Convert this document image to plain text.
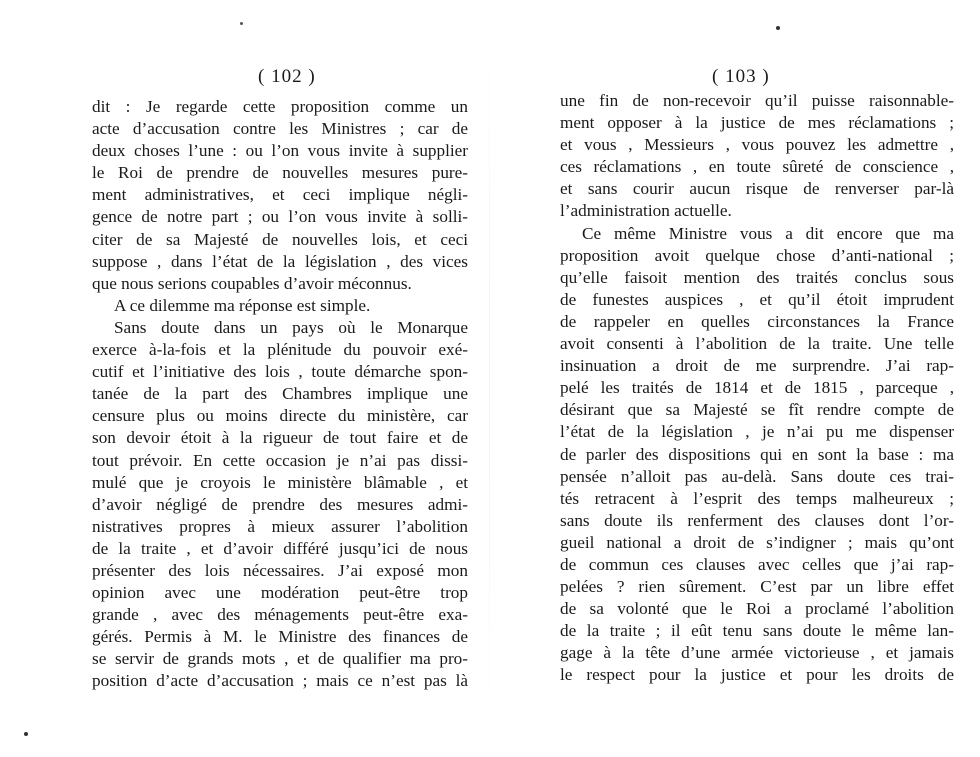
( 102 )
dit : Je regarde cette proposition comme un
acte d’accusation contre les Ministres ; car de
deux choses l’une : ou l’on vous invite à supplier
le Roi de prendre de nouvelles mesures pure-
ment administratives, et ceci implique négli-
gence de notre part ; ou l’on vous invite à solli-
citer de sa Majesté de nouvelles lois, et ceci
suppose , dans l’état de la législation , des vices
que nous serions coupables d’avoir méconnus.
A ce dilemme ma réponse est simple.
Sans doute dans un pays où le Monarque
exerce à-la-fois et la plénitude du pouvoir exé-
cutif et l’initiative des lois , toute démarche spon-
tanée de la part des Chambres implique une
censure plus ou moins directe du ministère, car
son devoir étoit à la rigueur de tout faire et de
tout prévoir. En cette occasion je n’ai pas dissi-
mulé que je croyois le ministère blâmable , et
d’avoir négligé de prendre des mesures admi-
nistratives propres à mieux assurer l’abolition
de la traite , et d’avoir différé jusqu’ici de nous
présenter des lois nécessaires. J’ai exposé mon
opinion avec une modération peut-être trop
grande , avec des ménagements peut-être exa-
gérés. Permis à M. le Ministre des finances de
se servir de grands mots , et de qualifier ma pro-
position d’acte d’accusation ; mais ce n’est pas là
( 103 )
une fin de non-recevoir qu’il puisse raisonnable-
ment opposer à la justice de mes réclamations ;
et vous , Messieurs , vous pouvez les admettre ,
ces réclamations , en toute sûreté de conscience ,
et sans courir aucun risque de renverser par-là
l’administration actuelle.
Ce même Ministre vous a dit encore que ma
proposition avoit quelque chose d’anti-national ;
qu’elle faisoit mention des traités conclus sous
de funestes auspices , et qu’il étoit imprudent
de rappeler en quelles circonstances la France
avoit consenti à l’abolition de la traite. Une telle
insinuation a droit de me surprendre. J’ai rap-
pelé les traités de 1814 et de 1815 , parceque ,
désirant que sa Majesté se fît rendre compte de
l’état de la législation , je n’ai pu me dispenser
de parler des dispositions qui en sont la base : ma
pensée n’alloit pas au-delà. Sans doute ces trai-
tés retracent à l’esprit des temps malheureux ;
sans doute ils renferment des clauses dont l’or-
gueil national a droit de s’indigner ; mais qu’ont
de commun ces clauses avec celles que j’ai rap-
pelées ? rien sûrement. C’est par un libre effet
de sa volonté que le Roi a proclamé l’abolition
de la traite ; il eût tenu sans doute le même lan-
gage à la tête d’une armée victorieuse , et jamais
le respect pour la justice et pour les droits de
